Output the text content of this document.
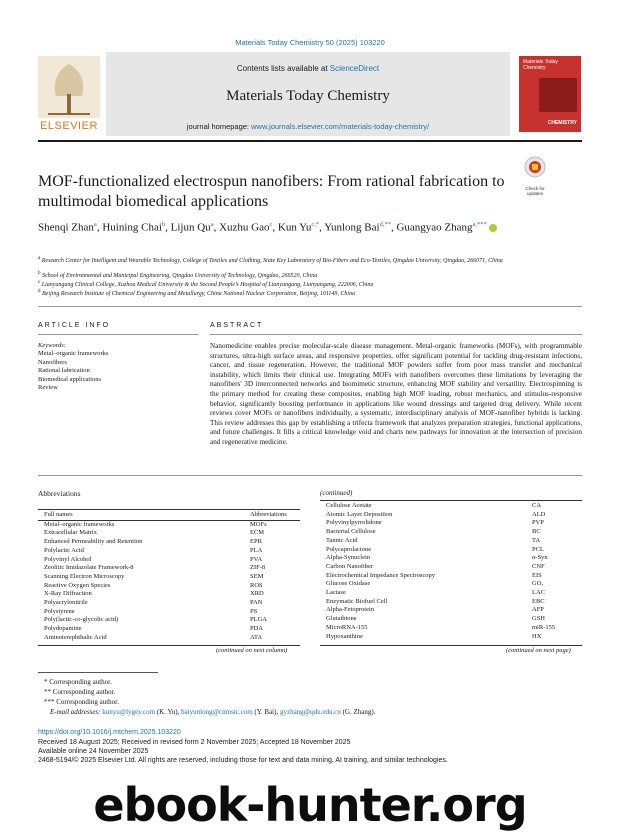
Materials Today Chemistry 50 (2025) 103220
ELSEVIER
Contents lists available at ScienceDirect
Materials Today Chemistry
journal homepage: www.journals.elsevier.com/materials-today-chemistry/
Materials Today Chemistry
CHEMISTRY
MOF-functionalized electrospun nanofibers: From rational fabrication to multimodal biomedical applications
Check for updates
Shenqi Zhan$^a$, Huining Chai$^b$, Lijun Qu$^a$, Xuzhu Gao$^c$, Kun $Yu^{c,*}$, Yunlong Bai$^{d,**}$, Guangyao Zhang$^{a,***}$
$^a$ Research Center for Intelligent and Wearable Technology, College of Textiles and Clothing, State Key Laboratory of Bio-Fibers and Eco-Textiles, Qingdao University, Qingdao, 266071, China
$^b$ School of Environmental and Municipal Engineering, Qingdao University of Technology, Qingdao, 266520, China
$^c$ Lianyungang Clinical College, Xuzhou Medical University & the Second People’s Hospital of Lianyungang, Lianyungang, 222006, China
$^d$ Beijing Research Institute of Chemical Engineering and Metallurgy, China National Nuclear Corporation, Beijing, 101149, China
ARTICLE INFO	ABSTRACT
Keywords:
Metal–organic frameworks
Nanofibers
Rational fabrication
Biomedical applications
Review
Nanomedicine enables precise molecular-scale disease management. Metal-organic frameworks (MOFs), with programmable structures, ultra-high surface areas, and responsive properties, offer significant potential for tackling drug-resistant infections, cancer, and tissue regeneration. However, the traditional MOF powders suffer from poor mass transfer and mechanical instability, which limits their clinical use. Integrating MOFs with nanofibers overcomes these limitations by leveraging the nanofibers' 3D interconnected networks and biomimetic structure, enhancing MOF stability and versatility. Electrospinning is the primary method for creating these composites, enabling high MOF loading, robust mechanics, and stimulus-responsive behavior, significantly boosting performance in applications like wound dressings and targeted drug delivery. While recent reviews cover MOFs or nanofibers individually, a systematic, interdisciplinary analysis of MOF-nanofiber hybrids is lacking. This review addresses this gap by establishing a trifecta framework that analyzes preparation strategies, functional applications, and future challenges. It fills a critical knowledge void and charts new pathways for innovation at the intersection of precision and regenerative medicine.
Abbreviations	(continued)
Full names	Abbreviations
Metal–organic frameworks	MOFs
Extracellular Matrix	ECM
Enhanced Permeability and Retention	EPR
Polylactic Acid	PLA
Polyvinyl Alcohol	PVA
Zeolitic Imidazolate Framework-8	ZIF-8
Scanning Electron Microscopy	SEM
Reactive Oxygen Species	ROS
X-Ray Diffraction	XRD
Polyacrylonitrile	PAN
Polystyrene	PS
Poly(lactic-co-glycolic acid)	PLGA
Polydopamine	PDA
Aminoterephthalic Acid	ATA
Cellulose Acetate	CA
Atomic Layer Deposition	ALD
Polyvinylpyrrolidone	PVP
Bacterial Cellulose	BC
Tannic Acid	TA
Polycaprolactone	PCL
Alpha-Synuclein	α-Syn
Carbon Nanofiber	CNF
Electrochemical Impedance Spectroscopy	EIS
Glucose Oxidase	GOₓ
Lactase	LAC
Enzymatic Biofuel Cell	EBC
Alpha-Fetoprotein	AFP
Glutathione	GSH
MicroRNA-155	miR-155
Hypoxanthine	HX
(continued on next column)	(continued on next page)
* Corresponding author.
** Corresponding author.
*** Corresponding author.
E-mail addresses: kunyu@lygey.com (K. Yu), baiyunlong@cnmstc.com (Y. Bai), gyzhang@qdu.edu.cn (G. Zhang).
https://doi.org/10.1016/j.mtchem.2025.103220
Received 18 August 2025; Received in revised form 2 November 2025; Accepted 18 November 2025
Available online 24 November 2025
2468-5194/© 2025 Elsevier Ltd. All rights are reserved, including those for text and data mining, AI training, and similar technologies.
ebook-hunter.org
